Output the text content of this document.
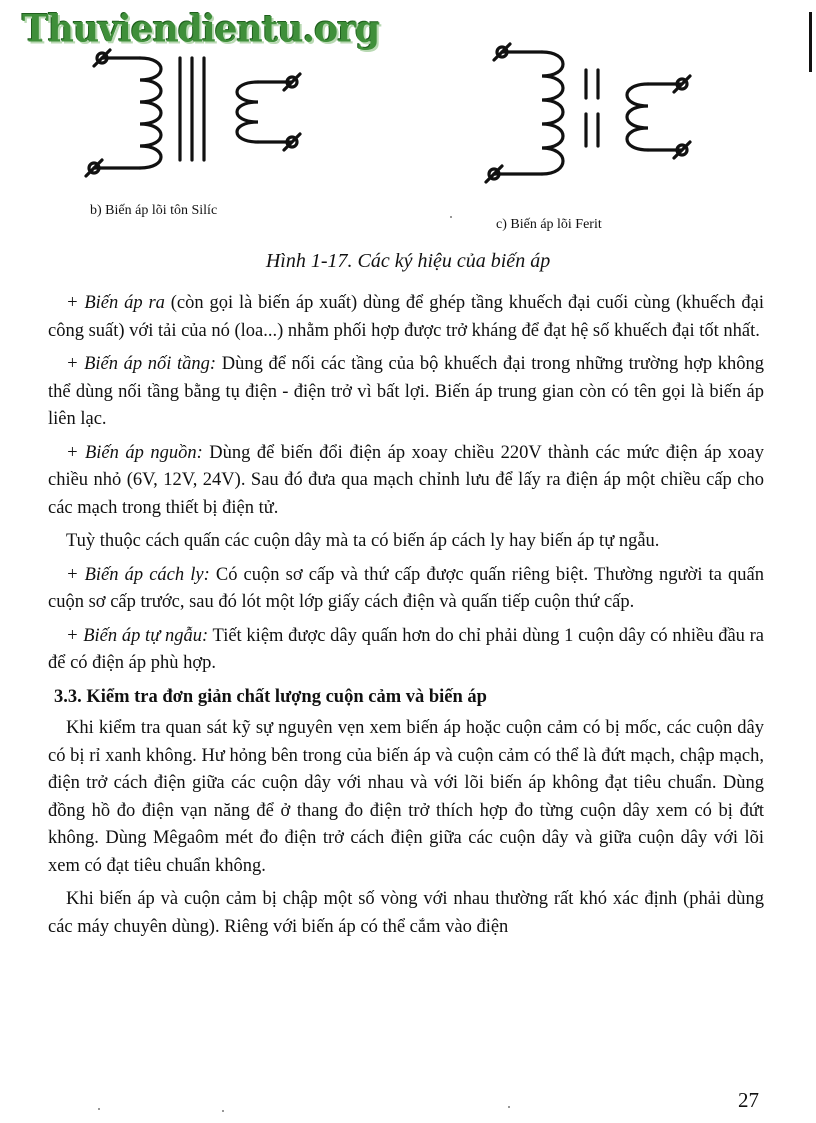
Thuviendientu.org
b) Biến áp lõi tôn Silíc
c) Biến áp lõi Ferit
Hình 1-17. Các ký hiệu của biến áp

+ Biến áp ra (còn gọi là biến áp xuất) dùng để ghép tầng khuếch đại cuối cùng (khuếch đại công suất) với tải của nó (loa...) nhằm phối hợp được trở kháng để đạt hệ số khuếch đại tốt nhất.

+ Biến áp nối tầng: Dùng để nối các tầng của bộ khuếch đại trong những trường hợp không thể dùng nối tầng bằng tụ điện - điện trở vì bất lợi. Biến áp trung gian còn có tên gọi là biến áp liên lạc.

+ Biến áp nguồn: Dùng để biến đổi điện áp xoay chiều 220V thành các mức điện áp xoay chiều nhỏ (6V, 12V, 24V). Sau đó đưa qua mạch chỉnh lưu để lấy ra điện áp một chiều cấp cho các mạch trong thiết bị điện tử.

Tuỳ thuộc cách quấn các cuộn dây mà ta có biến áp cách ly hay biến áp tự ngẫu.

+ Biến áp cách ly: Có cuộn sơ cấp và thứ cấp được quấn riêng biệt. Thường người ta quấn cuộn sơ cấp trước, sau đó lót một lớp giấy cách điện và quấn tiếp cuộn thứ cấp.

+ Biến áp tự ngẫu: Tiết kiệm được dây quấn hơn do chỉ phải dùng 1 cuộn dây có nhiều đầu ra để có điện áp phù hợp.

3.3. Kiểm tra đơn giản chất lượng cuộn cảm và biến áp

Khi kiểm tra quan sát kỹ sự nguyên vẹn xem biến áp hoặc cuộn cảm có bị mốc, các cuộn dây có bị rỉ xanh không. Hư hỏng bên trong của biến áp và cuộn cảm có thể là đứt mạch, chập mạch, điện trở cách điện giữa các cuộn dây với nhau và với lõi biến áp không đạt tiêu chuẩn. Dùng đồng hồ đo điện vạn năng để ở thang đo điện trở thích hợp đo từng cuộn dây xem có bị đứt không. Dùng Mêgaôm mét đo điện trở cách điện giữa các cuộn dây và giữa cuộn dây với lõi xem có đạt tiêu chuẩn không.

Khi biến áp và cuộn cảm bị chập một số vòng với nhau thường rất khó xác định (phải dùng các máy chuyên dùng). Riêng với biến áp có thể cắm vào điện

27
